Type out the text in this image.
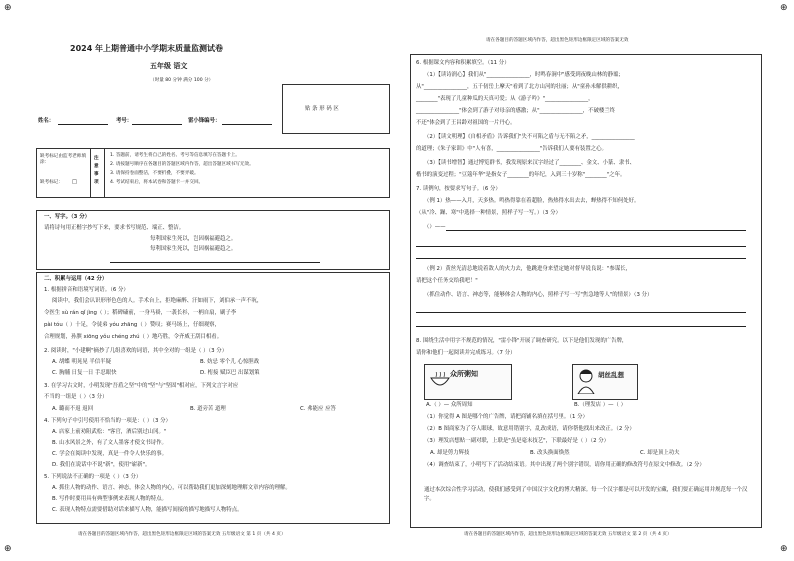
⊕	⊕
⊕	⊕
2024 年上期普通中小学期末质量监测试卷
五年级 语文
（时量 80 分钟 满分 100 分）
贴 条 形 码 区
姓名：	考号：	雷小锋编号：
缺考标记由监考老师填涂：
缺考标记： □
注
意
事
项
1. 答题前，请考生将自己的姓名、考号等信息填写在答题卡上。
2. 请按题号顺序在各题目的答题区域内作答，超出答题区域书写无效。
3. 请保持卷面整洁，不要折叠，不要弄破。
4. 考试结束后，将本试卷和答题卡一并交回。
一、写字。（3 分）
请将诗句用正楷字抄写下来，要求书写规范、端正、整洁。
每利国家生死以，岂因祸福避趋之。
每利国家生死以，岂因祸福避趋之。
二、积累与运用（42 分）
1. 根据拼音和语境写词语。（6 分）
阅读中，我们会认识形形色色的人。手术台上，拒绝麻醉、汗如雨下，刘伯承一声不吭，
令医生 sù rán qǐ jìng（ ）；稻碑磕前，一身马褂，一袭长衫，一柄自扇，刷子李
pài tóu（ ）十足，令徒弟 yóu zhāng（ ）赞叹；赛马场上，仔细观察，
合理规划，孙膑 xiōng yǒu chéng zhú（ ）地巧胜，令齐威王刮目相看。
2. 阅读时，"小建啊"摘抄了几组喜欢的词语，其中全对的一组是（ ）（3 分）
A. 胡蝶 明晃晃 半信半疑	B. 妨忌 零个儿 心惊胆战
C. 胸脯 日复一日 手忍眼快	D. 桁接 赋臣巴 出谋划策
3. 在学习古文时，小明发现"吾盾之坚"中的"坚"与"坚固"相对应，下列文言字对应
不当的一组是（ ）（3 分）
A. 璐而不返 返回	B. 道旁苦 道理	C. 弗能应 应答
4. 下列句子中引号使用不恰当的一项是：（ ）（3 分）
A. 店家上前劝阻武松："客官，酒后别过山冈。"
B. 山水风景之外，有了文人墨客才使文书诗作。
C. 学会在阅读中发现，真是一件令人快乐的事。
D. 我们在说话中不说"新"，使用"崭新"。
5. 下列说法不正确的一项是（ ）（3 分）
A. 抓住人物的动作、语言、神态，体会人物的内心，可以帮助我们更加深刻地理解文章内容的理解。
B. 写作时要用具有典型事例来表现人物的特点。
C. 表现人物特点需要借助对话来描写人物，能描写间接的描写地描写人物特点。
请在各题目的答题区域内作答，超出黑色矩形边框限定区域的答案无效 五年级语文 第 1 页（共 4 页）
请在各题目的答题区域内作答，超出黑色矩形边框限定区域的答案无效
6. 根据课文内容和积累填空。（11 分）
（1）【读诗润心】我们从"________________，时鸣春涧中"感受到夜晚山林的静谧；
从"________________，五千仞岳上摩天"看到了北方山河的壮丽；从"童孙未解供耕织，
________"表现了儿童种瓜的天真可爱；从《游子吟》"________________，
________________"体会到了游子对母亲的感激；从"________________，不破楼兰终
不还"体会到了王昌龄对祖国的一片丹心。
（2）【读文明理】《自相矛盾》告诉我们"失不可陷之盾与无不陷之矛，________________
的道理；《朱子家训》中"人有喜，________________"告诉我们人要有装置之心。
（3）【读书增智】通过博览群书，我发现原来汉字经过了________、金文、小篆、隶书、
楷书的演变过程；"豆蔻年华"是指女子________的年纪，入到三十岁称"________"之年。
7. 读例句，按要求写句子。（6 分）
（例 1）热——入月，天多热。鸣热得靠在着超脸，热热得水出去去，蝉热得不知何处好。
（从"冷、躁、寒"中选择一种情景，照样子写一写。）（3 分）
（）——
（例 2）黄丝光清总地说着敌人的火力去，他跳进身来望定她对督导说良说："参谋长，
请把这个任务交给我吧！"
（抓住动作、语言、神态等，能够体会人物的内心，照样子写一写"焦急地等人"的情景）（3 分）
8. 围绕生活中用字不规范的情况，"雷小锋"开展了调查研究。以下是他们发现的广告牌，
请你和他们一起阅读并完成练习。（7 分）
众所粥知
A.（ ）— 众所周知
胡丝乱想
B.（理发店 ）—（ ）
（1）你觉得 A 图是哪个的广告牌，请把商铺名填在括号里。（1 分）
（2）B 图商家为了夺人眼球，故意用错别字，乱改成语，请你帮他找出来改正。（2 分）
（3）理发店想贴一副对联，上联是"虽是毫末技艺"，下联最好是（ ）（2 分）
A. 却是剪力辉技	B. 改头换面焕然	C. 却是顶上功夫
（4）调查结束了，小明写下了活动结束语。其中出现了两个别字错误，请你用正确的修改符号在原文中修改。（2 分）
通过本次综合性学习活动，使我们感受到了中国汉字文化的博大精深。每一个汉字都是可以开发的宝藏，我们要正确运用并规范每一个汉字。
请在各题目的答题区域内作答，超出黑色矩形边框限定区域的答案无效 五年级语文 第 2 页（共 4 页）
